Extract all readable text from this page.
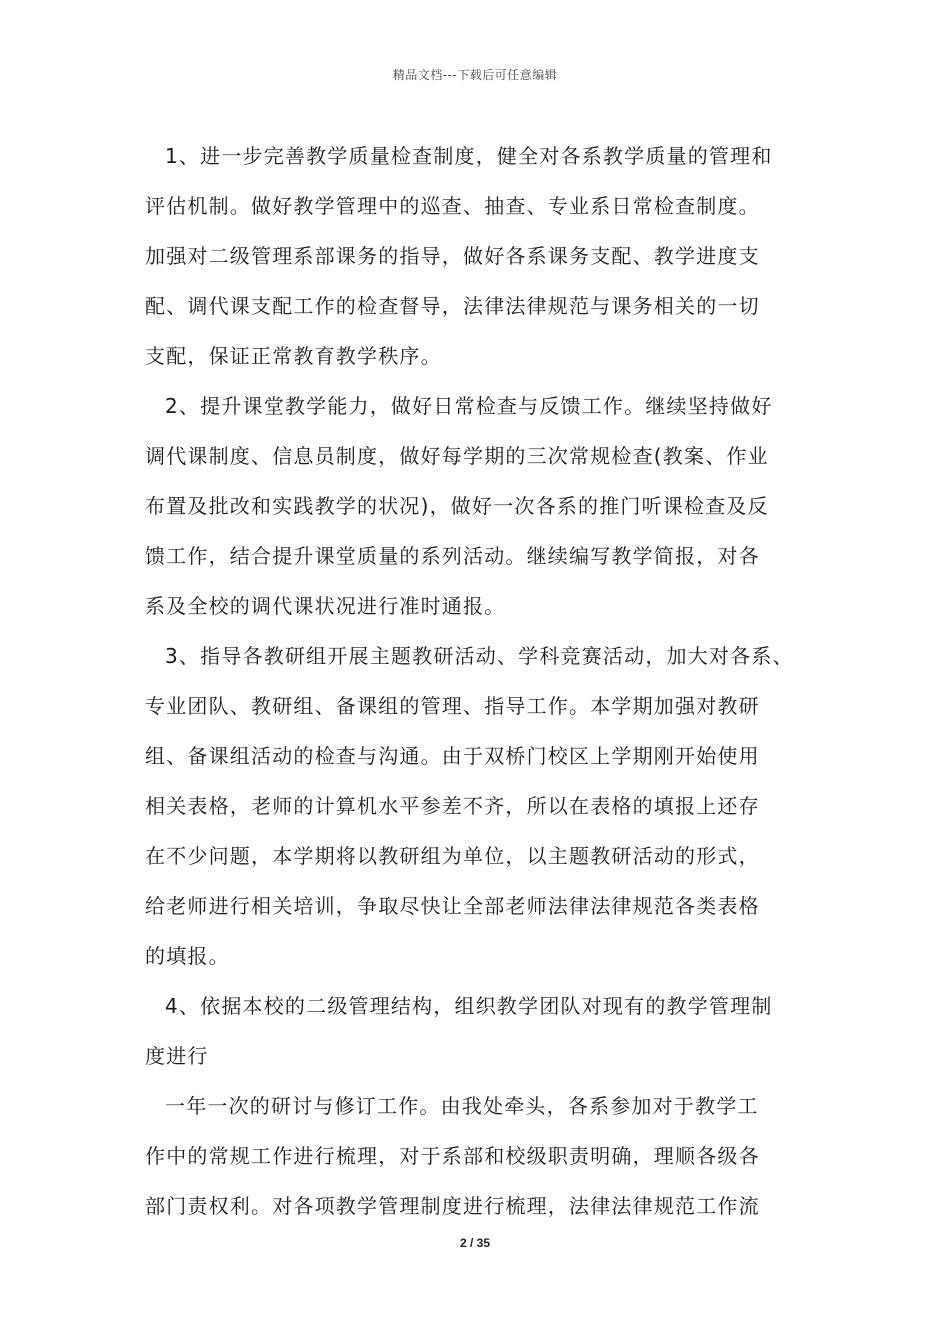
精品文档---下载后可任意编辑
1、进一步完善教学质量检查制度，健全对各系教学质量的管理和
评估机制。做好教学管理中的巡查、抽查、专业系日常检查制度。
加强对二级管理系部课务的指导，做好各系课务支配、教学进度支
配、调代课支配工作的检查督导，法律法律规范与课务相关的一切
支配，保证正常教育教学秩序。
2、提升课堂教学能力，做好日常检查与反馈工作。继续坚持做好
调代课制度、信息员制度，做好每学期的三次常规检查(教案、作业
布置及批改和实践教学的状况)，做好一次各系的推门听课检查及反
馈工作，结合提升课堂质量的系列活动。继续编写教学简报，对各
系及全校的调代课状况进行准时通报。
3、指导各教研组开展主题教研活动、学科竞赛活动，加大对各系、
专业团队、教研组、备课组的管理、指导工作。本学期加强对教研
组、备课组活动的检查与沟通。由于双桥门校区上学期刚开始使用
相关表格，老师的计算机水平参差不齐，所以在表格的填报上还存
在不少问题，本学期将以教研组为单位，以主题教研活动的形式，
给老师进行相关培训，争取尽快让全部老师法律法律规范各类表格
的填报。
4、依据本校的二级管理结构，组织教学团队对现有的教学管理制
度进行
一年一次的研讨与修订工作。由我处牵头，各系参加对于教学工
作中的常规工作进行梳理，对于系部和校级职责明确，理顺各级各
部门责权利。对各项教学管理制度进行梳理，法律法律规范工作流
2 / 35
